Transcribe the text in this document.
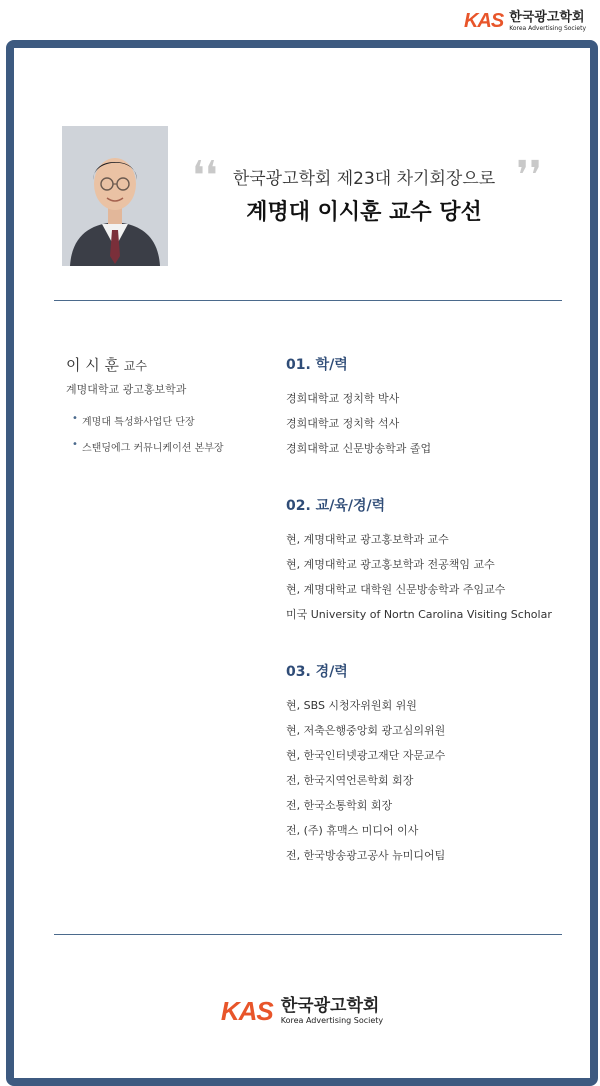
KAS 한국광고학회
Korea Advertising Society
❛❛	❜❜
한국광고학회 제23대 차기회장으로
계명대 이시훈 교수 당선
이 시 훈 교수
계명대학교 광고홍보학과
• 계명대 특성화사업단 단장
• 스탠딩에그 커뮤니케이션 본부장
01. 학/력
경희대학교 정치학 박사
경희대학교 정치학 석사
경희대학교 신문방송학과 졸업
02. 교/육/경/력
현, 계명대학교 광고홍보학과 교수
현, 계명대학교 광고홍보학과 전공책임 교수
현, 계명대학교 대학원 신문방송학과 주임교수
미국 University of Nortn Carolina Visiting Scholar
03. 경/력
현, SBS 시청자위원회 위원
현, 저축은행중앙회 광고심의위원
현, 한국인터넷광고재단 자문교수
전, 한국지역언론학회 회장
전, 한국소통학회 회장
전, (주) 휴맥스 미디어 이사
전, 한국방송광고공사 뉴미디어팀
KAS 한국광고학회
Korea Advertising Society
